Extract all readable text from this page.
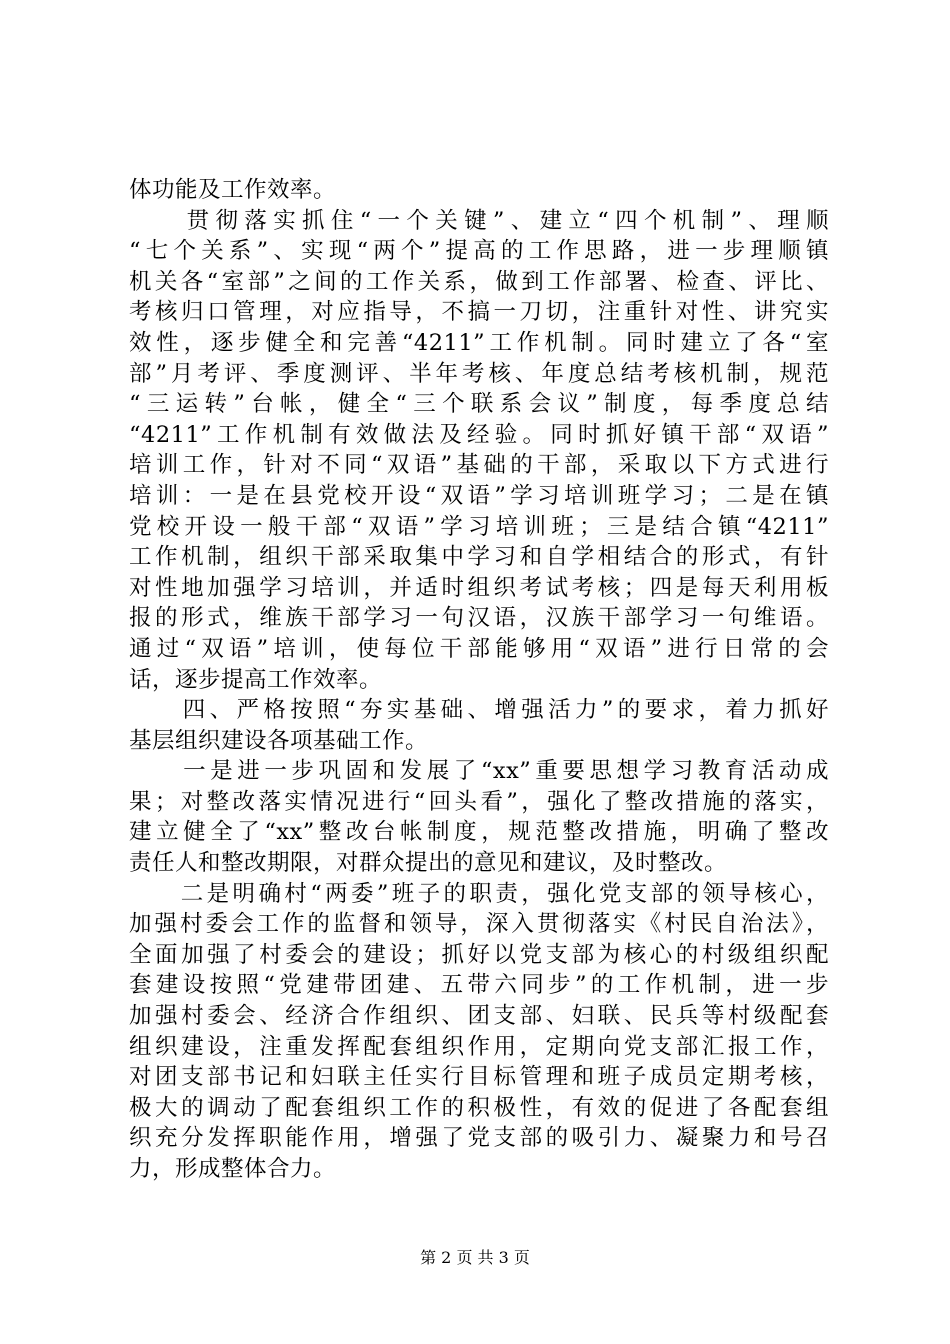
体功能及工作效率。
　　贯彻落实抓住“一个关键”、建立“四个机制”、理顺
“七个关系”、实现“两个”提高的工作思路，进一步理顺镇
机关各“室部”之间的工作关系，做到工作部署、检查、评比、
考核归口管理，对应指导，不搞一刀切，注重针对性、讲究实
效性，逐步健全和完善“4211”工作机制。同时建立了各“室
部”月考评、季度测评、半年考核、年度总结考核机制，规范
“三运转”台帐，健全“三个联系会议”制度，每季度总结
“4211”工作机制有效做法及经验。同时抓好镇干部“双语”
培训工作，针对不同“双语”基础的干部，采取以下方式进行
培训：一是在县党校开设“双语”学习培训班学习；二是在镇
党校开设一般干部“双语”学习培训班；三是结合镇“4211”
工作机制，组织干部采取集中学习和自学相结合的形式，有针
对性地加强学习培训，并适时组织考试考核；四是每天利用板
报的形式，维族干部学习一句汉语，汉族干部学习一句维语。
通过“双语”培训，使每位干部能够用“双语”进行日常的会
话，逐步提高工作效率。
　　四、严格按照“夯实基础、增强活力”的要求，着力抓好
基层组织建设各项基础工作。
　　一是进一步巩固和发展了“xx”重要思想学习教育活动成
果；对整改落实情况进行“回头看”，强化了整改措施的落实，
建立健全了“xx”整改台帐制度，规范整改措施，明确了整改
责任人和整改期限，对群众提出的意见和建议，及时整改。
　　二是明确村“两委”班子的职责，强化党支部的领导核心，
加强村委会工作的监督和领导，深入贯彻落实《村民自治法》，
全面加强了村委会的建设；抓好以党支部为核心的村级组织配
套建设按照“党建带团建、五带六同步”的工作机制，进一步
加强村委会、经济合作组织、团支部、妇联、民兵等村级配套
组织建设，注重发挥配套组织作用，定期向党支部汇报工作，
对团支部书记和妇联主任实行目标管理和班子成员定期考核，
极大的调动了配套组织工作的积极性，有效的促进了各配套组
织充分发挥职能作用，增强了党支部的吸引力、凝聚力和号召
力，形成整体合力。
第 2 页 共 3 页
